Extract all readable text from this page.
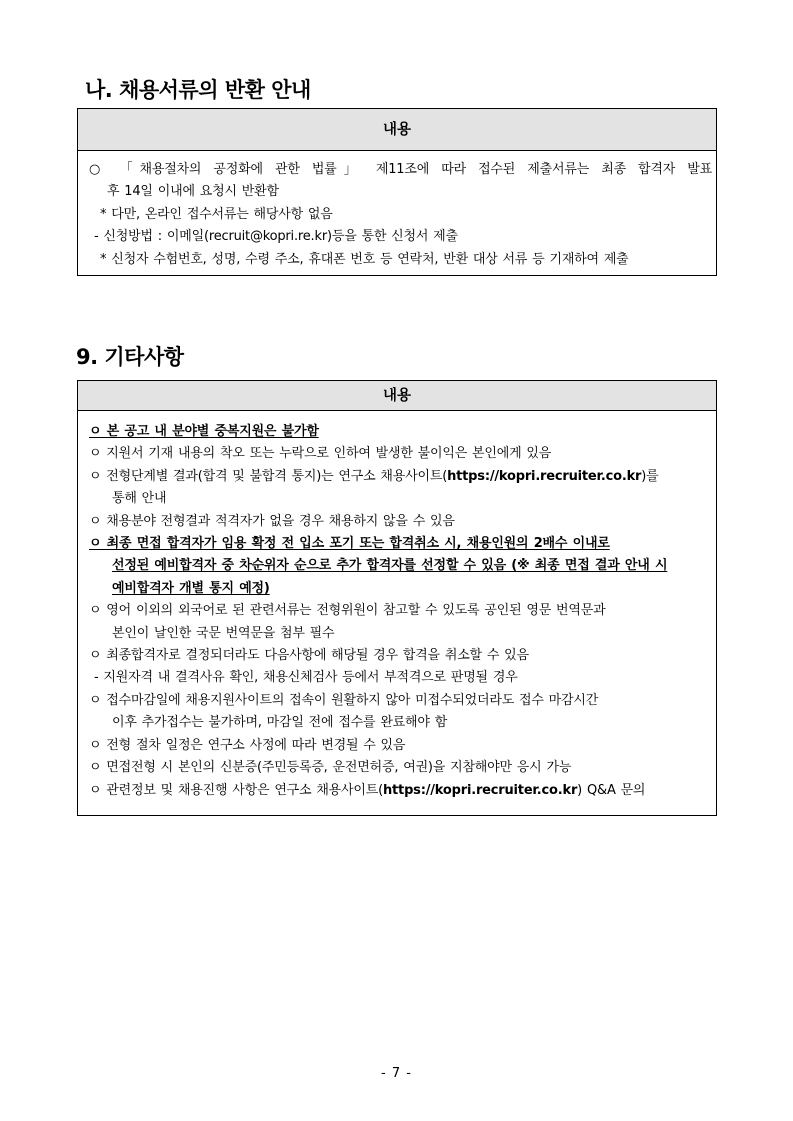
나. 채용서류의 반환 안내
내용
○ 「채용절차의 공정화에 관한 법률」 제11조에 따라 접수된 제출서류는 최종 합격자 발표
후 14일 이내에 요청시 반환함
* 다만, 온라인 접수서류는 해당사항 없음
- 신청방법 : 이메일(recruit@kopri.re.kr)등을 통한 신청서 제출
* 신청자 수험번호, 성명, 수령 주소, 휴대폰 번호 등 연락처, 반환 대상 서류 등 기재하여 제출
9. 기타사항
내용
ㅇ 본 공고 내 분야별 중복지원은 불가함
ㅇ 지원서 기재 내용의 착오 또는 누락으로 인하여 발생한 불이익은 본인에게 있음
ㅇ 전형단계별 결과(합격 및 불합격 통지)는 연구소 채용사이트(https://kopri.recruiter.co.kr)를
통해 안내
ㅇ 채용분야 전형결과 적격자가 없을 경우 채용하지 않을 수 있음
ㅇ 최종 면접 합격자가 임용 확정 전 입소 포기 또는 합격취소 시, 채용인원의 2배수 이내로
선정된 예비합격자 중 차순위자 순으로 추가 합격자를 선정할 수 있음 (※ 최종 면접 결과 안내 시
예비합격자 개별 통지 예정)
ㅇ 영어 이외의 외국어로 된 관련서류는 전형위원이 참고할 수 있도록 공인된 영문 번역문과
본인이 날인한 국문 번역문을 첨부 필수
ㅇ 최종합격자로 결정되더라도 다음사항에 해당될 경우 합격을 취소할 수 있음
- 지원자격 내 결격사유 확인, 채용신체검사 등에서 부적격으로 판명될 경우
ㅇ 접수마감일에 채용지원사이트의 접속이 원활하지 않아 미접수되었더라도 접수 마감시간
이후 추가접수는 불가하며, 마감일 전에 접수를 완료해야 함
ㅇ 전형 절차 일정은 연구소 사정에 따라 변경될 수 있음
ㅇ 면접전형 시 본인의 신분증(주민등록증, 운전면허증, 여권)을 지참해야만 응시 가능
ㅇ 관련정보 및 채용진행 사항은 연구소 채용사이트(https://kopri.recruiter.co.kr) Q&A 문의
- 7 -
